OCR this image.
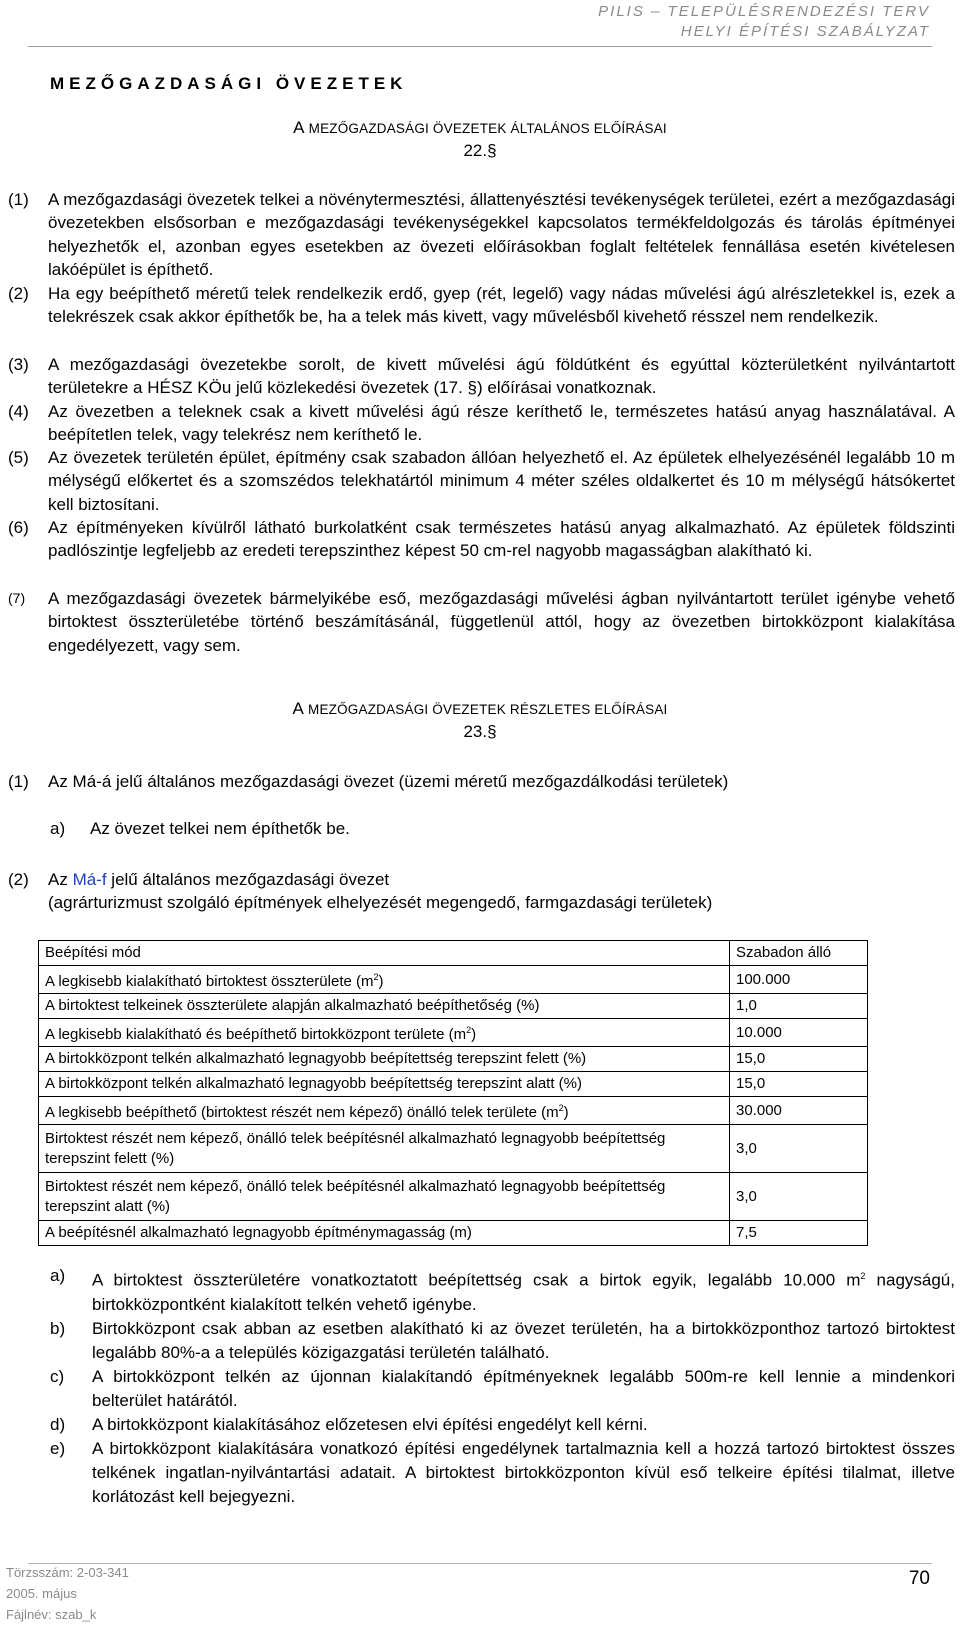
PILIS – TELEPÜLÉSRENDEZÉSI TERV
HELYI ÉPÍTÉSI SZABÁLYZAT
MEZŐGAZDASÁGI ÖVEZETEK
A MEZŐGAZDASÁGI ÖVEZETEK ÁLTALÁNOS ELŐÍRÁSAI
22.§
(1)	A mezőgazdasági övezetek telkei a növénytermesztési, állattenyésztési tevékenységek területei, ezért a mezőgazdasági övezetekben elsősorban e mezőgazdasági tevékenységekkel kapcsolatos termékfeldolgozás és tárolás építményei helyezhetők el, azonban egyes esetekben az övezeti előírásokban foglalt feltételek fennállása esetén kivételesen lakóépület is építhető.
(2)	Ha egy beépíthető méretű telek rendelkezik erdő, gyep (rét, legelő) vagy nádas művelési ágú alrészletekkel is, ezek a telekrészek csak akkor építhetők be, ha a telek más kivett, vagy művelésből kivehető résszel nem rendelkezik.
(3)	A mezőgazdasági övezetekbe sorolt, de kivett művelési ágú földútként és egyúttal közterületként nyilvántartott területekre a HÉSZ KÖu jelű közlekedési övezetek (17. §) előírásai vonatkoznak.
(4)	Az övezetben a teleknek csak a kivett művelési ágú része keríthető le, természetes hatású anyag használatával. A beépítetlen telek, vagy telekrész nem keríthető le.
(5)	Az övezetek területén épület, építmény csak szabadon állóan helyezhető el. Az épületek elhelyezésénél legalább 10 m mélységű előkertet és a szomszédos telekhatártól minimum 4 méter széles oldalkertet és 10 m mélységű hátsókertet kell biztosítani.
(6)	Az építményeken kívülről látható burkolatként csak természetes hatású anyag alkalmazható. Az épületek földszinti padlószintje legfeljebb az eredeti terepszinthez képest 50 cm-rel nagyobb magasságban alakítható ki.
(7)	A mezőgazdasági övezetek bármelyikébe eső, mezőgazdasági művelési ágban nyilvántartott terület igénybe vehető birtoktest összterületébe történő beszámításánál, függetlenül attól, hogy az övezetben birtokközpont kialakítása engedélyezett, vagy sem.
A MEZŐGAZDASÁGI ÖVEZETEK RÉSZLETES ELŐÍRÁSAI
23.§
(1)	Az Má-á jelű általános mezőgazdasági övezet (üzemi méretű mezőgazdálkodási területek)
a)	Az övezet telkei nem építhetők be.
(2)	Az Má-f jelű általános mezőgazdasági övezet
(agrárturizmust szolgáló építmények elhelyezését megengedő, farmgazdasági területek)
Beépítési mód	Szabadon álló
A legkisebb kialakítható birtoktest összterülete $(m^2)$	100.000
A birtoktest telkeinek összterülete alapján alkalmazható beépíthetőség (%)	1,0
A legkisebb kialakítható és beépíthető birtokközpont területe $(m^2)$	10.000
A birtokközpont telkén alkalmazható legnagyobb beépítettség terepszint felett (%)	15,0
A birtokközpont telkén alkalmazható legnagyobb beépítettség terepszint alatt (%)	15,0
A legkisebb beépíthető (birtoktest részét nem képező) önálló telek területe $(m^2)$	30.000
Birtoktest részét nem képező, önálló telek beépítésnél alkalmazható legnagyobb beépítettség terepszint felett (%)	3,0
Birtoktest részét nem képező, önálló telek beépítésnél alkalmazható legnagyobb beépítettség terepszint alatt (%)	3,0
A beépítésnél alkalmazható legnagyobb építménymagasság (m)	7,5
a)	A birtoktest összterületére vonatkoztatott beépítettség csak a birtok egyik, legalább 10.000 $m^2$ nagyságú, birtokközpontként kialakított telkén vehető igénybe.
b)	Birtokközpont csak abban az esetben alakítható ki az övezet területén, ha a birtokközponthoz tartozó birtoktest legalább 80%-a a település közigazgatási területén található.
c)	A birtokközpont telkén az újonnan kialakítandó építményeknek legalább 500m-re kell lennie a mindenkori belterület határától.
d)	A birtokközpont kialakításához előzetesen elvi építési engedélyt kell kérni.
e)	A birtokközpont kialakítására vonatkozó építési engedélynek tartalmaznia kell a hozzá tartozó birtoktest összes telkének ingatlan-nyilvántartási adatait. A birtoktest birtokközponton kívül eső telkeire építési tilalmat, illetve korlátozást kell bejegyezni.
Törzsszám: 2-03-341
2005. május
Fájlnév: szab_k
70
